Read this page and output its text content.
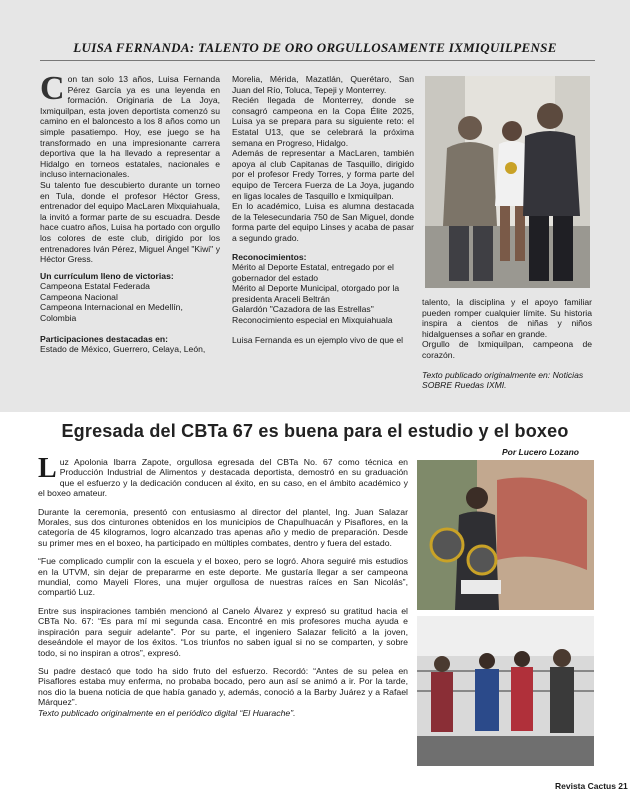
LUISA FERNANDA: TALENTO DE ORO ORGULLOSAMENTE IXMIQUILPENSE

Con tan solo 13 años, Luisa Fernanda Pérez García ya es una leyenda en formación. Originaria de La Joya, Ixmiquilpan, esta joven deportista comenzó su camino en el baloncesto a los 8 años como un simple pasatiempo. Hoy, ese juego se ha transformado en una impresionante carrera deportiva que la ha llevado a representar a Hidalgo en torneos estatales, nacionales e incluso internacionales.

Su talento fue descubierto durante un torneo en Tula, donde el profesor Héctor Gress, entrenador del equipo MacLaren Mixquiahuala, la invitó a formar parte de su escuadra. Desde hace cuatro años, Luisa ha portado con orgullo los colores de este club, dirigido por los entrenadores Iván Pérez, Miguel Ángel "Kiwi" y Héctor Gress.

Un currículum lleno de victorias:

Campeona Estatal Federada

Campeona Nacional

Campeona Internacional en Medellín, Colombia

Participaciones destacadas en:

Estado de México, Guerrero, Celaya, León,

Morelia, Mérida, Mazatlán, Querétaro, San Juan del Río, Toluca, Tepeji y Monterrey.

Recién llegada de Monterrey, donde se consagró campeona en la Copa Élite 2025, Luisa ya se prepara para su siguiente reto: el Estatal U13, que se celebrará la próxima semana en Progreso, Hidalgo.

Además de representar a MacLaren, también apoya al club Capitanas de Tasquillo, dirigido por el profesor Fredy Torres, y forma parte del equipo de Tercera Fuerza de La Joya, jugando en ligas locales de Tasquillo e Ixmiquilpan.

En lo académico, Luisa es alumna destacada de la Telesecundaria 750 de San Miguel, donde forma parte del equipo Linses y acaba de pasar a segundo grado.

Reconocimientos:

Mérito al Deporte Estatal, entregado por el gobernador del estado

Mérito al Deporte Municipal, otorgado por la presidenta Araceli Beltrán

Galardón "Cazadora de las Estrellas"

Reconocimiento especial en Mixquiahuala

Luisa Fernanda es un ejemplo vivo de que el

talento, la disciplina y el apoyo familiar pueden romper cualquier límite. Su historia inspira a cientos de niñas y niños hidalguenses a soñar en grande.

Orgullo de Ixmiquilpan, campeona de corazón.

Texto publicado originalmente en: Noticias SOBRE Ruedas IXMI.

Egresada del CBTa 67 es buena para el estudio y el boxeo
Por Lucero Lozano

Luz Apolonia Ibarra Zapote, orgullosa egresada del CBTa No. 67 como técnica en Producción Industrial de Alimentos y destacada deportista, demostró en su graduación que el esfuerzo y la dedicación conducen al éxito, en su caso, en el ámbito académico y el boxeo amateur.

Durante la ceremonia, presentó con entusiasmo al director del plantel, Ing. Juan Salazar Morales, sus dos cinturones obtenidos en los municipios de Chapulhuacán y Pisaflores, en la categoría de 45 kilogramos, logro alcanzado tras apenas año y medio de preparación. Desde su primer mes en el boxeo, ha participado en múltiples combates, dentro y fuera del estado.

“Fue complicado cumplir con la escuela y el boxeo, pero se logró. Ahora seguiré mis estudios en la UTVM, sin dejar de prepararme en este deporte. Me gustaría llegar a ser campeona mundial, como Mayeli Flores, una mujer orgullosa de nuestras raíces en San Nicolás”, compartió Luz.

Entre sus inspiraciones también mencionó al Canelo Álvarez y expresó su gratitud hacia el CBTa No. 67: “Es para mí mi segunda casa. Encontré en mis profesores mucha ayuda e inspiración para seguir adelante”. Por su parte, el ingeniero Salazar felicitó a la joven, deseándole el mayor de los éxitos. “Los triunfos no saben igual si no se comparten, y sobre todo, si no inspiran a otros”, expresó.

Su padre destacó que todo ha sido fruto del esfuerzo. Recordó: “Antes de su pelea en Pisaflores estaba muy enferma, no probaba bocado, pero aun así se animó a ir. Por la tarde, nos dio la buena noticia de que había ganado y, además, conoció a la Barby Juárez y a Rafael Márquez”.

Texto publicado originalmente en el periódico digital “El Huarache”.

Revista Cactus 21
